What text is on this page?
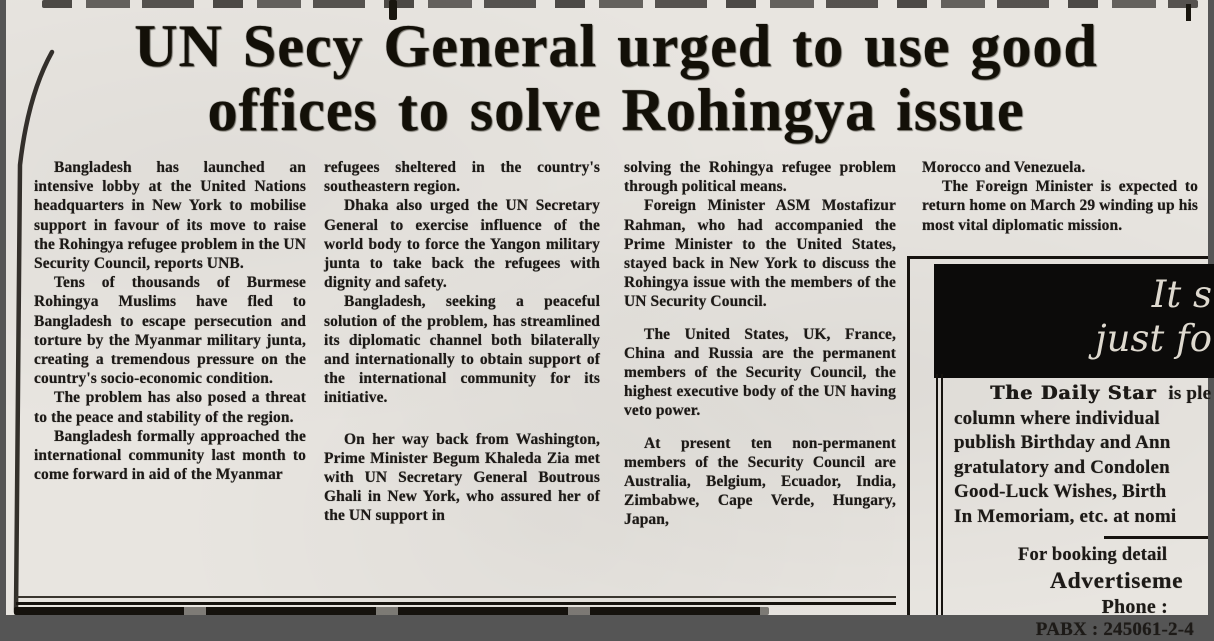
UN Secy General urged to use good
offices to solve Rohingya issue

Bangladesh has launched an intensive lobby at the United Nations headquarters in New York to mobilise support in favour of its move to raise the Rohingya refugee problem in the UN Security Council, reports UNB.

Tens of thousands of Burmese Rohingya Muslims have fled to Bangladesh to escape persecution and torture by the Myanmar military junta, creating a tremendous pressure on the country's socio-economic condition.

The problem has also posed a threat to the peace and stability of the region.

Bangladesh formally approached the international community last month to come forward in aid of the Myanmar

refugees sheltered in the country's southeastern region.

Dhaka also urged the UN Secretary General to exercise influence of the world body to force the Yangon military junta to take back the refugees with dignity and safety.

Bangladesh, seeking a peaceful solution of the problem, has streamlined its diplomatic channel both bilaterally and internationally to obtain support of the international community for its initiative.

On her way back from Washington, Prime Minister Begum Khaleda Zia met with UN Secretary General Boutrous Ghali in New York, who assured her of the UN support in

solving the Rohingya refugee problem through political means.

Foreign Minister ASM Mostafizur Rahman, who had accompanied the Prime Minister to the United States, stayed back in New York to discuss the Rohingya issue with the members of the UN Security Council.

The United States, UK, France, China and Russia are the permanent members of the Security Council, the highest executive body of the UN having veto power.

At present ten non-permanent members of the Security Council are Australia, Belgium, Ecuador, India, Zimbabwe, Cape Verde, Hungary, Japan,

Morocco and Venezuela.

The Foreign Minister is expected to return home on March 29 winding up his most vital diplomatic mission.

It s
just fo
The Daily Star is ple
column where individual
publish Birthday and Ann
gratulatory and Condolen
Good-Luck Wishes, Birth
In Memoriam, etc. at nomi
For booking detail
Advertiseme
Phone :
PABX : 245061-2-4
